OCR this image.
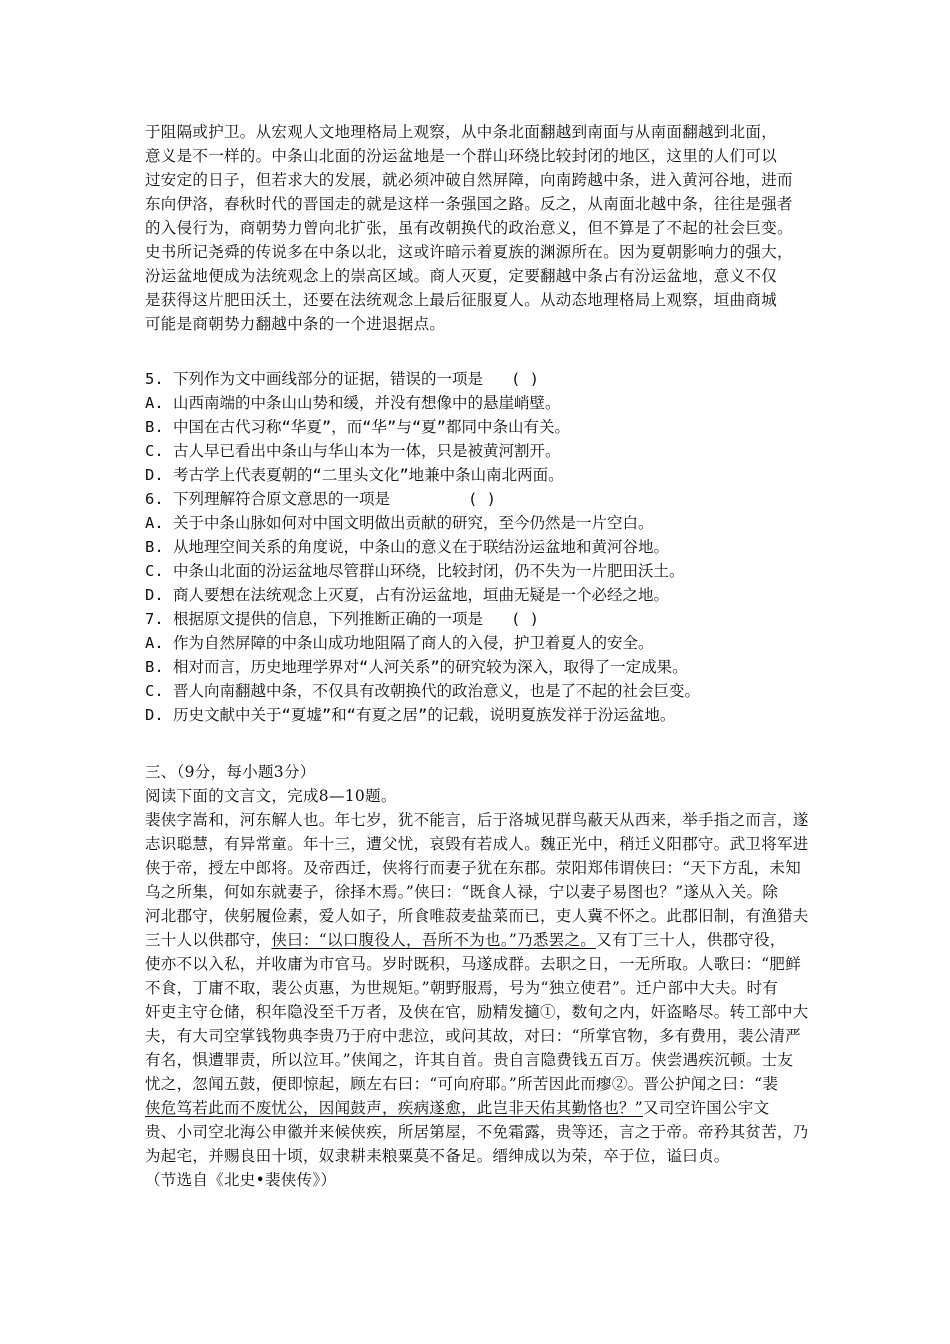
于阻隔或护卫。从宏观人文地理格局上观察，从中条北面翻越到南面与从南面翻越到北面，
意义是不一样的。中条山北面的汾运盆地是一个群山环绕比较封闭的地区，这里的人们可以
过安定的日子，但若求大的发展，就必须冲破自然屏障，向南跨越中条，进入黄河谷地，进而
东向伊洛，春秋时代的晋国走的就是这样一条强国之路。反之，从南面北越中条，往往是强者
的入侵行为，商朝势力曾向北扩张，虽有改朝换代的政治意义，但不算是了不起的社会巨变。
史书所记尧舜的传说多在中条以北，这或许暗示着夏族的渊源所在。因为夏朝影响力的强大，
汾运盆地便成为法统观念上的崇高区域。商人灭夏，定要翻越中条占有汾运盆地，意义不仅
是获得这片肥田沃土，还要在法统观念上最后征服夏人。从动态地理格局上观察，垣曲商城
可能是商朝势力翻越中条的一个进退据点。
5. 下列作为文中画线部分的证据，错误的一项是 ( )
A. 山西南端的中条山山势和缓，并没有想像中的悬崖峭壁。
B. 中国在古代习称“华夏”，而“华”与“夏”都同中条山有关。
C. 古人早已看出中条山与华山本为一体，只是被黄河割开。
D. 考古学上代表夏朝的“二里头文化”地兼中条山南北两面。
6. 下列理解符合原文意思的一项是	( )
A. 关于中条山脉如何对中国文明做出贡献的研究，至今仍然是一片空白。
B. 从地理空间关系的角度说，中条山的意义在于联结汾运盆地和黄河谷地。
C. 中条山北面的汾运盆地尽管群山环绕，比较封闭，仍不失为一片肥田沃土。
D. 商人要想在法统观念上灭夏，占有汾运盆地，垣曲无疑是一个必经之地。
7. 根据原文提供的信息，下列推断正确的一项是 ( )
A. 作为自然屏障的中条山成功地阻隔了商人的入侵，护卫着夏人的安全。
B. 相对而言，历史地理学界对“人河关系”的研究较为深入，取得了一定成果。
C. 晋人向南翻越中条，不仅具有改朝换代的政治意义，也是了不起的社会巨变。
D. 历史文献中关于“夏墟”和“有夏之居”的记载，说明夏族发祥于汾运盆地。
三、（9分，每小题3分）
阅读下面的文言文，完成8—10题。
裴侠字嵩和，河东解人也。年七岁，犹不能言，后于洛城见群鸟蔽天从西来，举手指之而言，遂
志识聪慧，有异常童。年十三，遭父忧，哀毁有若成人。魏正光中，稍迁义阳郡守。武卫将军进
侠于帝，授左中郎将。及帝西迁，侠将行而妻子犹在东郡。荥阳郑伟谓侠曰：“天下方乱，未知
乌之所集，何如东就妻子，徐择木焉。”侠曰：“既食人禄，宁以妻子易图也？”遂从入关。除
河北郡守，侠躬履俭素，爱人如子，所食唯菽麦盐菜而已，吏人冀不怀之。此郡旧制，有渔猎夫
三十人以供郡守，侠曰：“以口腹役人，吾所不为也。”乃悉罢之。又有丁三十人，供郡守役，
使亦不以入私，并收庸为市官马。岁时既积，马遂成群。去职之日，一无所取。人歌曰：“肥鲜
不食，丁庸不取，裴公贞惠，为世规矩。”朝野服焉，号为“独立使君”。迁户部中大夫。时有
奸吏主守仓储，积年隐没至千万者，及侠在官，励精发擿①，数旬之内，奸盗略尽。转工部中大
夫，有大司空掌钱物典李贵乃于府中悲泣，或问其故，对曰：“所掌官物，多有费用，裴公清严
有名，惧遭罪责，所以泣耳。”侠闻之，许其自首。贵自言隐费钱五百万。侠尝遇疾沉顿。士友
忧之，忽闻五鼓，便即惊起，顾左右曰：“可向府耶。”所苦因此而瘳②。晋公护闻之曰：“裴
侠危笃若此而不废忧公，因闻鼓声，疾病遂愈，此岂非天佑其勤恪也？”又司空许国公宇文
贵、小司空北海公申徽并来候侠疾，所居第屋，不免霜露，贵等还，言之于帝。帝矜其贫苦，乃
为起宅，并赐良田十顷，奴隶耕耒粮粟莫不备足。缙绅成以为荣，卒于位，谥曰贞。
（节选自《北史•裴侠传》）
